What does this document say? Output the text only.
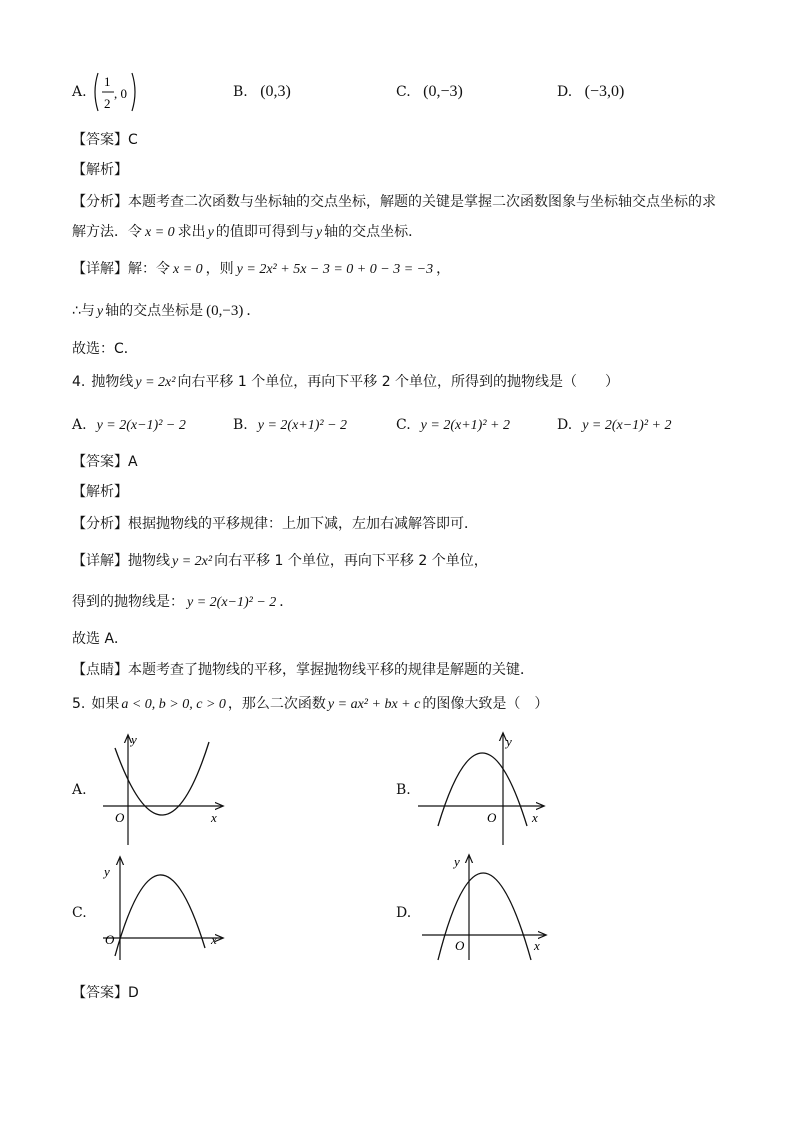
A.
1
2
, 0	B. (0,3)	C. (0,−3)	D. (−3,0)
【答案】C
【解析】
【分析】本题考查二次函数与坐标轴的交点坐标，解题的关键是掌握二次函数图象与坐标轴交点坐标的求
解方法．令 x = 0 求出 y 的值即可得到与 y 轴的交点坐标．
【详解】解：令 x = 0 ，则 y = 2x² + 5x − 3 = 0 + 0 − 3 = −3 ，
∴与 y 轴的交点坐标是 (0,−3) ．
故选：C．
4. 抛物线 y = 2x² 向右平移 1 个单位，再向下平移 2 个单位，所得到的抛物线是（　　）
A. y = 2(x−1)² − 2	B. y = 2(x+1)² − 2	C. y = 2(x+1)² + 2	D. y = 2(x−1)² + 2
【答案】A
【解析】
【分析】根据抛物线的平移规律：上加下减，左加右减解答即可．
【详解】抛物线 y = 2x² 向右平移 1 个单位，再向下平移 2 个单位，
得到的抛物线是： y = 2(x−1)² − 2 ．
故选 A．
【点睛】本题考查了抛物线的平移，掌握抛物线平移的规律是解题的关键．
5. 如果 a < 0, b > 0, c > 0 ，那么二次函数 y = ax² + bx + c 的图像大致是（　）
A.	B.
C.	D.
y
x
O
y
x
O
y
x
O
y
x
O
【答案】D
